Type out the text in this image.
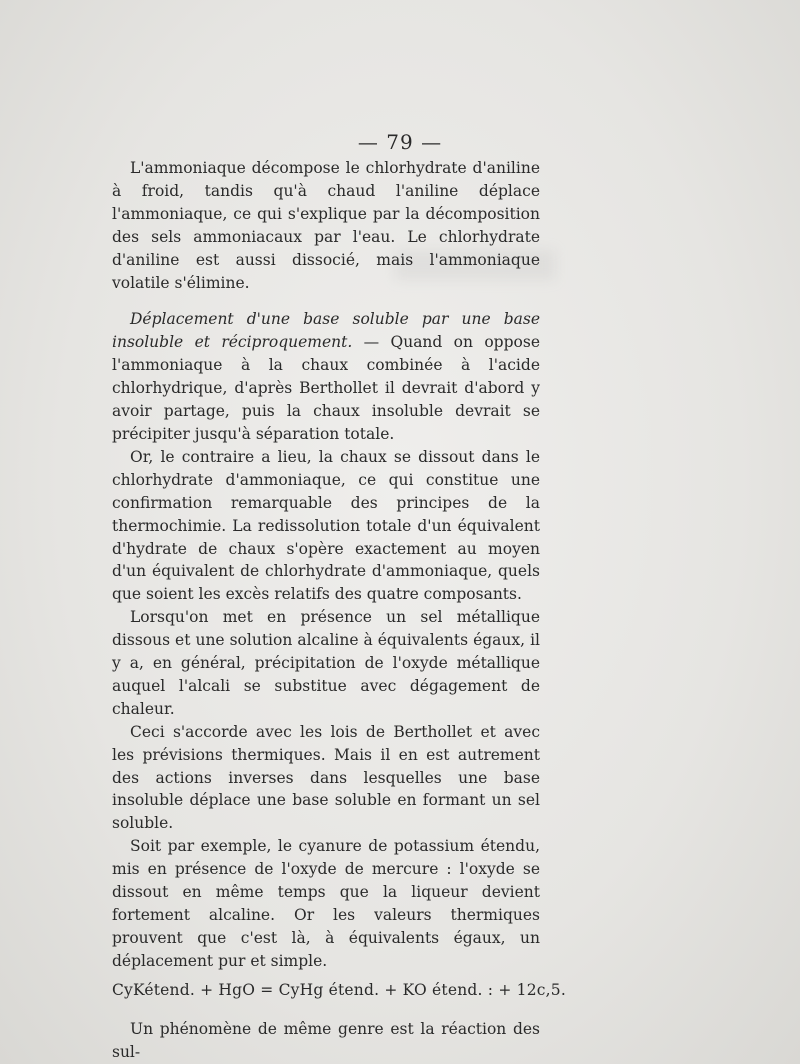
— 79 —

L'ammoniaque décompose le chlorhydrate d'aniline à froid, tandis qu'à chaud l'aniline déplace l'ammoniaque, ce qui s'explique par la décomposition des sels ammoniacaux par l'eau. Le chlorhydrate d'aniline est aussi dissocié, mais l'ammoniaque volatile s'élimine.

Déplacement d'une base soluble par une base insoluble et réciproquement. — Quand on oppose l'ammoniaque à la chaux combinée à l'acide chlorhydrique, d'après Berthollet il devrait d'abord y avoir partage, puis la chaux insoluble devrait se précipiter jusqu'à séparation totale.

Or, le contraire a lieu, la chaux se dissout dans le chlorhydrate d'ammoniaque, ce qui constitue une confirmation remarquable des principes de la thermochimie. La redissolution totale d'un équivalent d'hydrate de chaux s'opère exactement au moyen d'un équivalent de chlorhydrate d'ammoniaque, quels que soient les excès relatifs des quatre composants.

Lorsqu'on met en présence un sel métallique dissous et une solution alcaline à équivalents égaux, il y a, en général, précipitation de l'oxyde métallique auquel l'alcali se substitue avec dégagement de chaleur.

Ceci s'accorde avec les lois de Berthollet et avec les prévisions thermiques. Mais il en est autrement des actions inverses dans lesquelles une base insoluble déplace une base soluble en formant un sel soluble.

Soit par exemple, le cyanure de potassium étendu, mis en présence de l'oxyde de mercure : l'oxyde se dissout en même temps que la liqueur devient fortement alcaline. Or les valeurs thermiques prouvent que c'est là, à équivalents égaux, un déplacement pur et simple.

CyKétend. + HgO = CyHg étend. + KO étend. : + 12c,5.

Un phénomène de même genre est la réaction des sul-
